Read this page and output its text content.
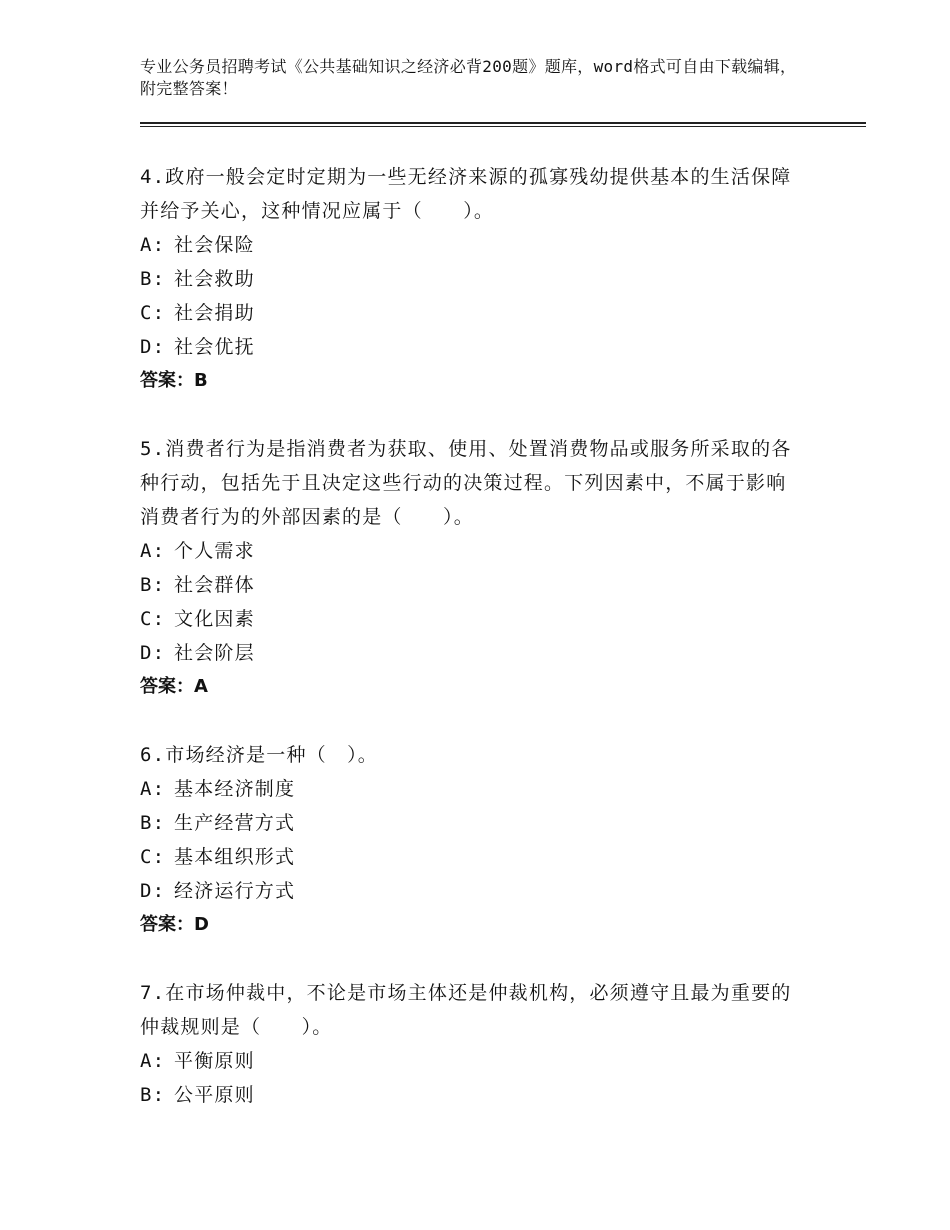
专业公务员招聘考试《公共基础知识之经济必背200题》题库，word格式可自由下载编辑，附完整答案！
4.政府一般会定时定期为一些无经济来源的孤寡残幼提供基本的生活保障并给予关心，这种情况应属于（　　）。
A: 社会保险
B: 社会救助
C: 社会捐助
D: 社会优抚
答案：B
5.消费者行为是指消费者为获取、使用、处置消费物品或服务所采取的各种行动，包括先于且决定这些行动的决策过程。下列因素中，不属于影响消费者行为的外部因素的是（　　）。
A: 个人需求
B: 社会群体
C: 文化因素
D: 社会阶层
答案：A
6.市场经济是一种（　）。
A: 基本经济制度
B: 生产经营方式
C: 基本组织形式
D: 经济运行方式
答案：D
7.在市场仲裁中，不论是市场主体还是仲裁机构，必须遵守且最为重要的仲裁规则是（　　）。
A: 平衡原则
B: 公平原则
